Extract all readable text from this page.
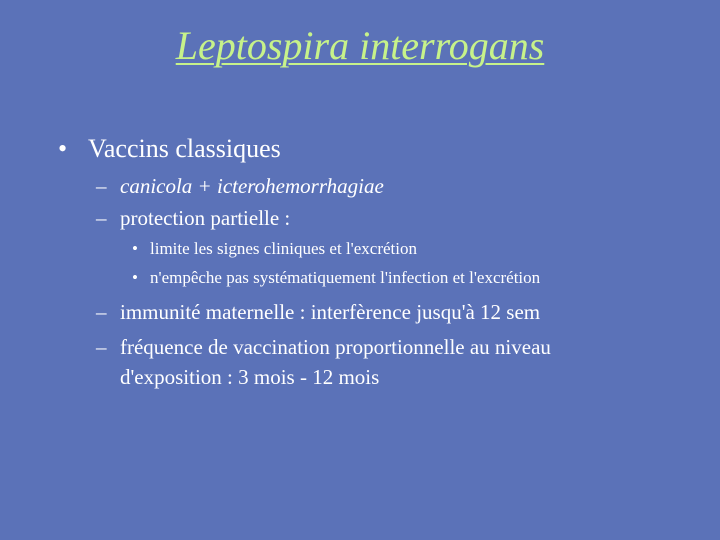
Leptospira interrogans
• Vaccins classiques
– canicola + icterohemorrhagiae
– protection partielle :
• limite les signes cliniques et l'excrétion
• n'empêche pas systématiquement l'infection et l'excrétion
– immunité maternelle : interfèrence jusqu'à 12 sem
– fréquence de vaccination proportionnelle au niveau
d'exposition : 3 mois - 12 mois
